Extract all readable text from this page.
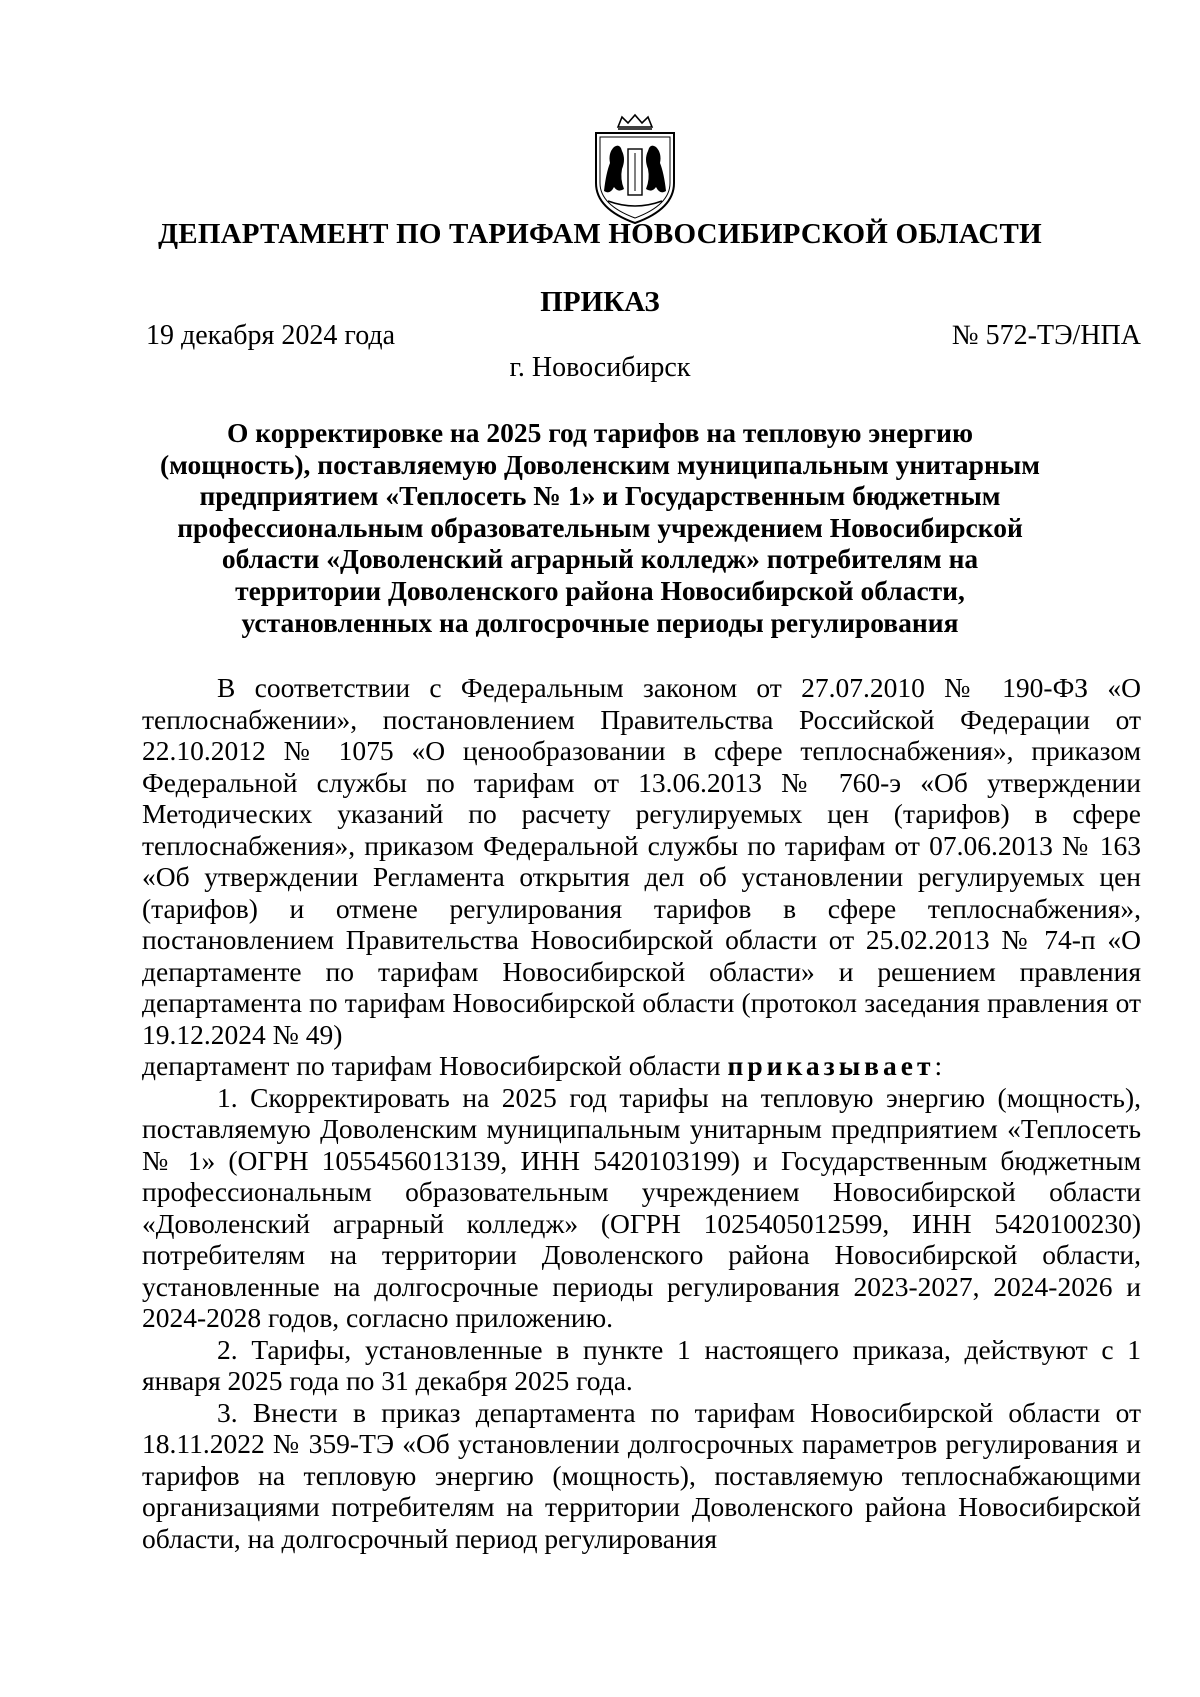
ДЕПАРТАМЕНТ ПО ТАРИФАМ НОВОСИБИРСКОЙ ОБЛАСТИ
ПРИКАЗ
19 декабря 2024 года	№ 572-ТЭ/НПА
г. Новосибирск
О корректировке на 2025 год тарифов на тепловую энергию (мощность), поставляемую Доволенским муниципальным унитарным предприятием «Теплосеть № 1» и Государственным бюджетным профессиональным образовательным учреждением Новосибирской области «Доволенский аграрный колледж» потребителям на территории Доволенского района Новосибирской области, установленных на долгосрочные периоды регулирования

В соответствии с Федеральным законом от 27.07.2010 № 190-ФЗ «О теплоснабжении», постановлением Правительства Российской Федерации от 22.10.2012 № 1075 «О ценообразовании в сфере теплоснабжения», приказом Федеральной службы по тарифам от 13.06.2013 № 760-э «Об утверждении Методических указаний по расчету регулируемых цен (тарифов) в сфере теплоснабжения», приказом Федеральной службы по тарифам от 07.06.2013 № 163 «Об утверждении Регламента открытия дел об установлении регулируемых цен (тарифов) и отмене регулирования тарифов в сфере теплоснабжения», постановлением Правительства Новосибирской области от 25.02.2013 № 74-п «О департаменте по тарифам Новосибирской области» и решением правления департамента по тарифам Новосибирской области (протокол заседания правления от 19.12.2024 № 49)

департамент по тарифам Новосибирской области приказывает:

1. Скорректировать на 2025 год тарифы на тепловую энергию (мощность), поставляемую Доволенским муниципальным унитарным предприятием «Теплосеть № 1» (ОГРН 1055456013139, ИНН 5420103199) и Государственным бюджетным профессиональным образовательным учреждением Новосибирской области «Доволенский аграрный колледж» (ОГРН 1025405012599, ИНН 5420100230) потребителям на территории Доволенского района Новосибирской области, установленные на долгосрочные периоды регулирования 2023-2027, 2024-2026 и 2024-2028 годов, согласно приложению.

2. Тарифы, установленные в пункте 1 настоящего приказа, действуют с 1 января 2025 года по 31 декабря 2025 года.

3. Внести в приказ департамента по тарифам Новосибирской области от 18.11.2022 № 359-ТЭ «Об установлении долгосрочных параметров регулирования и тарифов на тепловую энергию (мощность), поставляемую теплоснабжающими организациями потребителям на территории Доволенского района Новосибирской области, на долгосрочный период регулирования
